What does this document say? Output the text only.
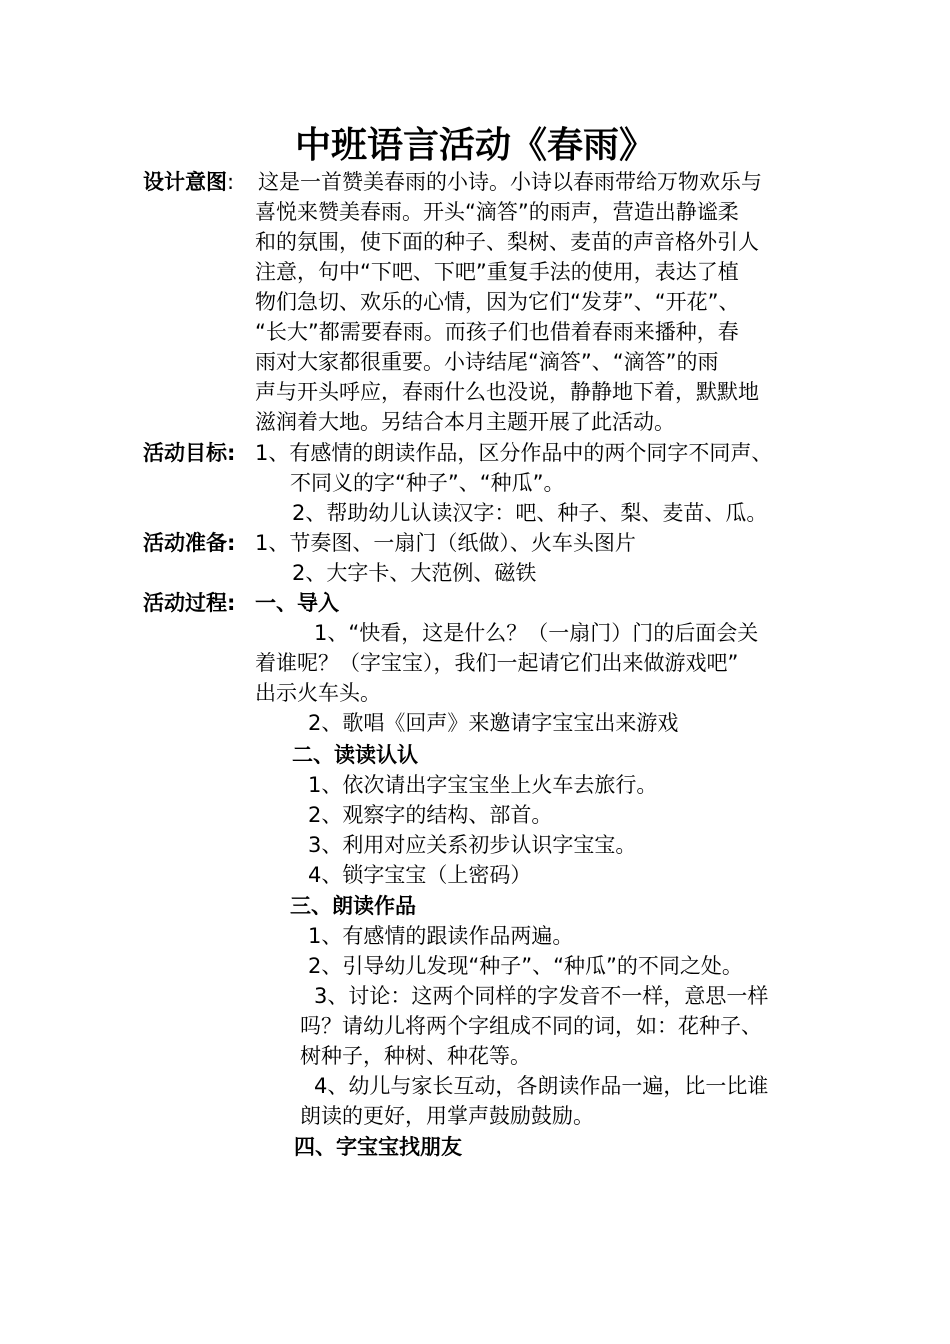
中班语言活动《春雨》
设计意图: 这是一首赞美春雨的小诗。小诗以春雨带给万物欢乐与
喜悦来赞美春雨。开头“滴答”的雨声，营造出静谧柔
和的氛围，使下面的种子、梨树、麦苗的声音格外引人
注意，句中“下吧、下吧”重复手法的使用，表达了植
物们急切、欢乐的心情，因为它们“发芽”、“开花”、
“长大”都需要春雨。而孩子们也借着春雨来播种，春
雨对大家都很重要。小诗结尾“滴答”、“滴答”的雨
声与开头呼应，春雨什么也没说，静静地下着，默默地
滋润着大地。另结合本月主题开展了此活动。
活动目标: 1、有感情的朗读作品，区分作品中的两个同字不同声、
不同义的字“种子”、“种瓜”。
2、帮助幼儿认读汉字：吧、种子、梨、麦苗、瓜。
活动准备: 1、节奏图、一扇门（纸做）、火车头图片
2、大字卡、大范例、磁铁
活动过程: 一、导入
1、“快看，这是什么？（一扇门）门的后面会关
着谁呢？（字宝宝），我们一起请它们出来做游戏吧”
出示火车头。
2、歌唱《回声》来邀请字宝宝出来游戏
二、读读认认
1、依次请出字宝宝坐上火车去旅行。
2、观察字的结构、部首。
3、利用对应关系初步认识字宝宝。
4、锁字宝宝（上密码）
三、朗读作品
1、有感情的跟读作品两遍。
2、引导幼儿发现“种子”、“种瓜”的不同之处。
3、讨论：这两个同样的字发音不一样，意思一样
吗？请幼儿将两个字组成不同的词，如：花种子、
树种子，种树、种花等。
4、幼儿与家长互动，各朗读作品一遍，比一比谁
朗读的更好，用掌声鼓励鼓励。
四、字宝宝找朋友
